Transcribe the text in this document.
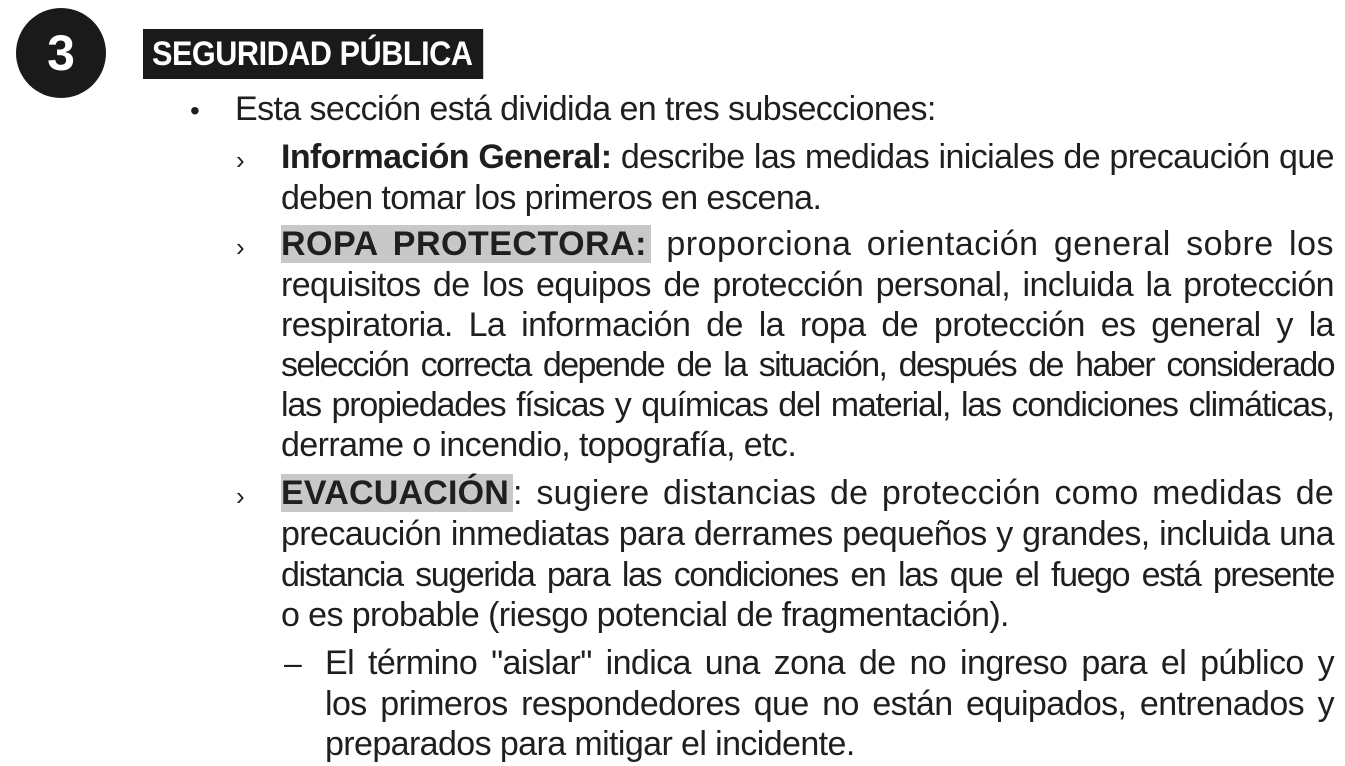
3	SEGURIDAD PÚBLICA
• Esta sección está dividida en tres subsecciones:
› Información General: describe las medidas iniciales de precaución que
deben tomar los primeros en escena.
› ROPA PROTECTORA: proporciona orientación general sobre los
requisitos de los equipos de protección personal, incluida la protección
respiratoria. La información de la ropa de protección es general y la
selección correcta depende de la situación, después de haber considerado
las propiedades físicas y químicas del material, las condiciones climáticas,
derrame o incendio, topografía, etc.
› EVACUACIÓN : sugiere distancias de protección como medidas de
precaución inmediatas para derrames pequeños y grandes, incluida una
distancia sugerida para las condiciones en las que el fuego está presente
o es probable (riesgo potencial de fragmentación).
– El término "aislar" indica una zona de no ingreso para el público y
los primeros respondedores que no están equipados, entrenados y
preparados para mitigar el incidente.
